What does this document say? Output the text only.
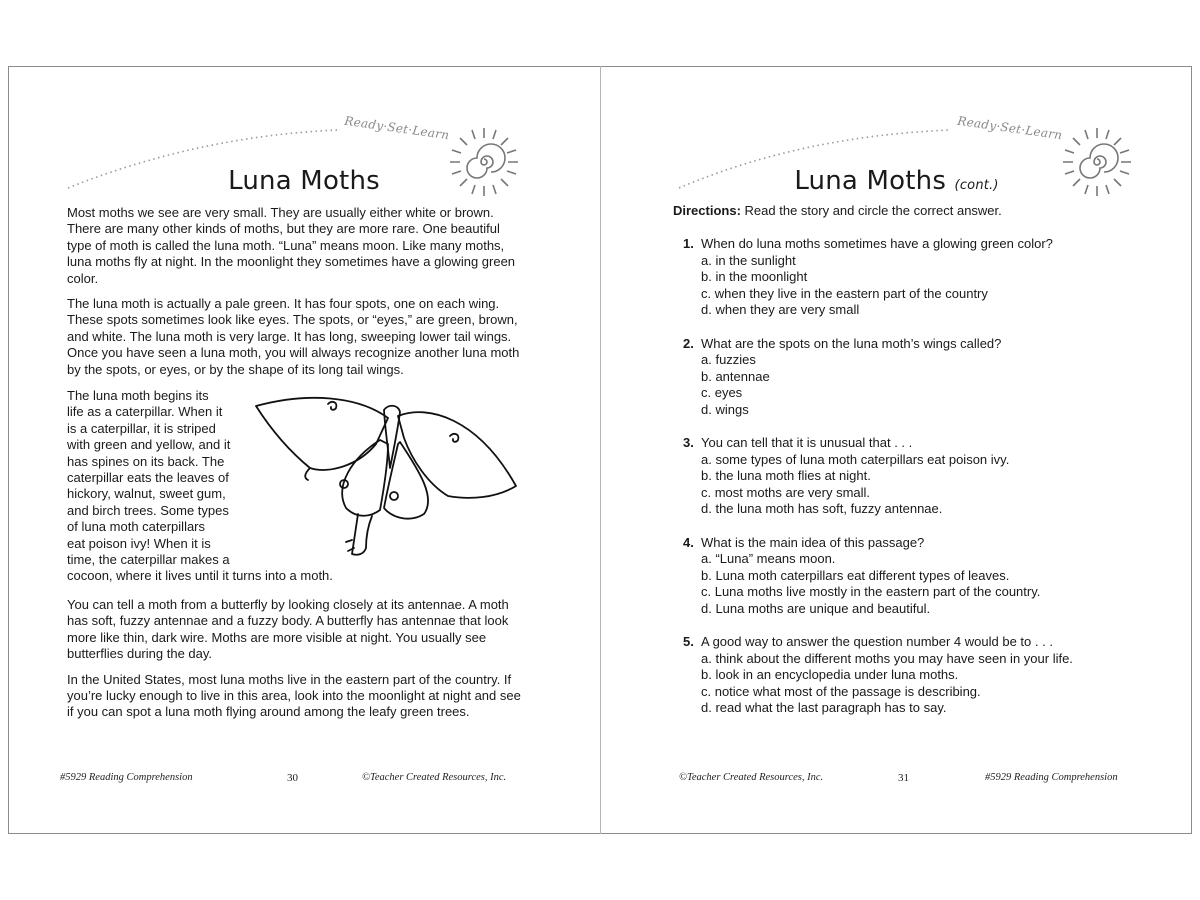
Ready·Set·Learn
Luna Moths

Most moths we see are very small. They are usually either white or brown. There are many other kinds of moths, but they are more rare. One beautiful type of moth is called the luna moth. “Luna” means moon. Like many moths, luna moths fly at night. In the moonlight they sometimes have a glowing green color.

The luna moth is actually a pale green. It has four spots, one on each wing. These spots sometimes look like eyes. The spots, or “eyes,” are green, brown, and white. The luna moth is very large. It has long, sweeping lower tail wings. Once you have seen a luna moth, you will always recognize another luna moth by the spots, or eyes, or by the shape of its long tail wings.

The luna moth begins its
life as a caterpillar. When it
is a caterpillar, it is striped
with green and yellow, and it
has spines on its back. The
caterpillar eats the leaves of
hickory, walnut, sweet gum,
and birch trees. Some types
of luna moth caterpillars
eat poison ivy! When it is
time, the caterpillar makes a
cocoon, where it lives until it turns into a moth.

You can tell a moth from a butterfly by looking closely at its antennae. A moth has soft, fuzzy antennae and a fuzzy body. A butterfly has antennae that look more like thin, dark wire. Moths are more visible at night. You usually see butterflies during the day.

In the United States, most luna moths live in the eastern part of the country. If you’re lucky enough to live in this area, look into the moonlight at night and see if you can spot a luna moth flying around among the leafy green trees.

#5929 Reading Comprehension	30	©Teacher Created Resources, Inc.
Ready·Set·Learn
Luna Moths (cont.)
Directions: Read the story and circle the correct answer.
1. When do luna moths sometimes have a glowing green color?
a. in the sunlight
b. in the moonlight
c. when they live in the eastern part of the country
d. when they are very small
2. What are the spots on the luna moth’s wings called?
a. fuzzies
b. antennae
c. eyes
d. wings
3. You can tell that it is unusual that . . .
a. some types of luna moth caterpillars eat poison ivy.
b. the luna moth flies at night.
c. most moths are very small.
d. the luna moth has soft, fuzzy antennae.
4. What is the main idea of this passage?
a. “Luna” means moon.
b. Luna moth caterpillars eat different types of leaves.
c. Luna moths live mostly in the eastern part of the country.
d. Luna moths are unique and beautiful.
5. A good way to answer the question number 4 would be to . . .
a. think about the different moths you may have seen in your life.
b. look in an encyclopedia under luna moths.
c. notice what most of the passage is describing.
d. read what the last paragraph has to say.
©Teacher Created Resources, Inc.	31	#5929 Reading Comprehension
